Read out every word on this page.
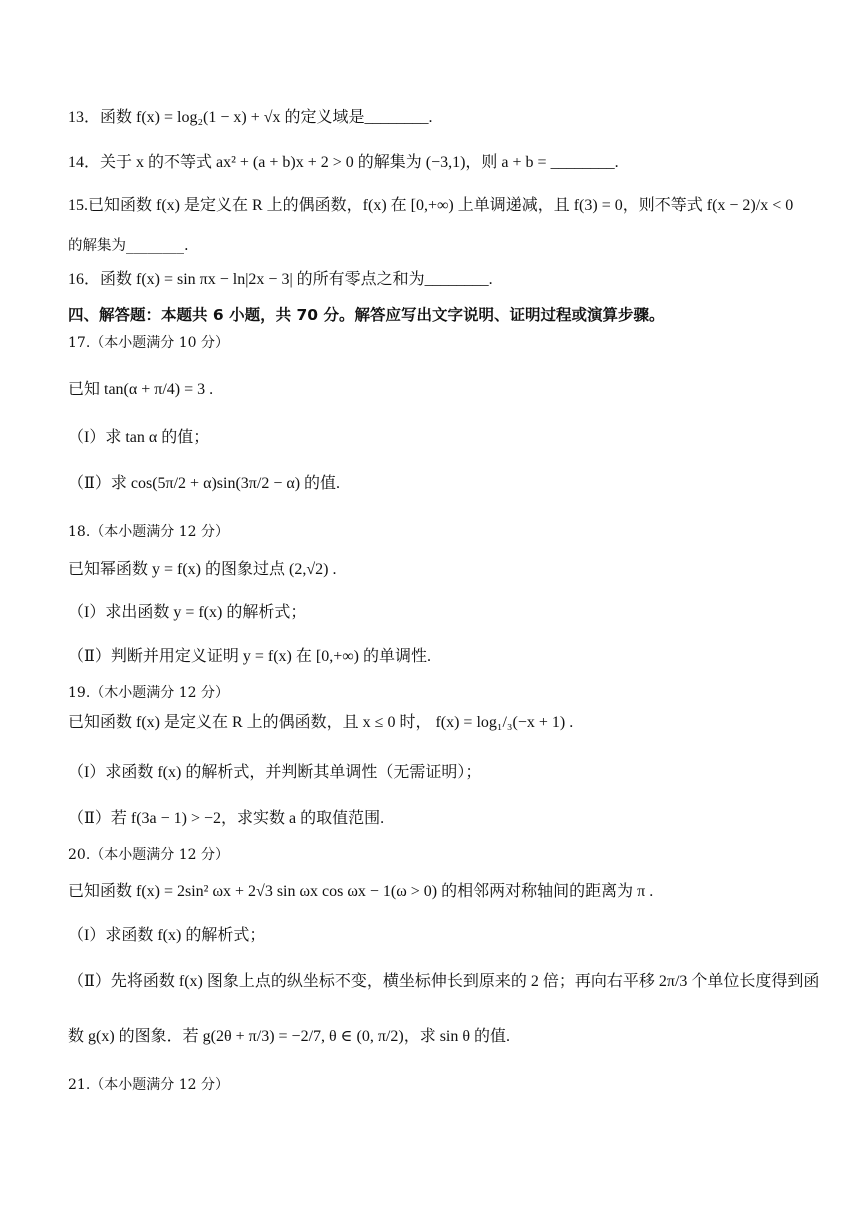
13．函数 f(x) = log₂(1 − x) + √x 的定义域是________.
14．关于 x 的不等式 ax² + (a + b)x + 2 > 0 的解集为 (−3,1)，则 a + b = ________.
15.已知函数 f(x) 是定义在 R 上的偶函数，f(x) 在 [0,+∞) 上单调递减，且 f(3) = 0，则不等式 f(x − 2)/x < 0
的解集为________.
16．函数 f(x) = sin πx − ln|2x − 3| 的所有零点之和为________.
四、解答题：本题共 6 小题，共 70 分。解答应写出文字说明、证明过程或演算步骤。
17.（本小题满分 10 分）
已知 tan(α + π/4) = 3 .
（I）求 tan α 的值；
（Ⅱ）求 cos(5π/2 + α)sin(3π/2 − α) 的值.
18.（本小题满分 12 分）
已知幂函数 y = f(x) 的图象过点 (2,√2) .
（I）求出函数 y = f(x) 的解析式；
（Ⅱ）判断并用定义证明 y = f(x) 在 [0,+∞) 的单调性.
19.（木小题满分 12 分）
已知函数 f(x) 是定义在 R 上的偶函数，且 x ≤ 0 时， f(x) = log₁/₃(−x + 1) .
（I）求函数 f(x) 的解析式，并判断其单调性（无需证明）；
（Ⅱ）若 f(3a − 1) > −2，求实数 a 的取值范围.
20.（本小题满分 12 分）
已知函数 f(x) = 2sin² ωx + 2√3 sin ωx cos ωx − 1(ω > 0) 的相邻两对称轴间的距离为 π .
（I）求函数 f(x) 的解析式；
（Ⅱ）先将函数 f(x) 图象上点的纵坐标不变，横坐标伸长到原来的 2 倍；再向右平移 2π/3 个单位长度得到函
数 g(x) 的图象．若 g(2θ + π/3) = −2/7, θ ∈ (0, π/2)，求 sin θ 的值.
21.（本小题满分 12 分）
